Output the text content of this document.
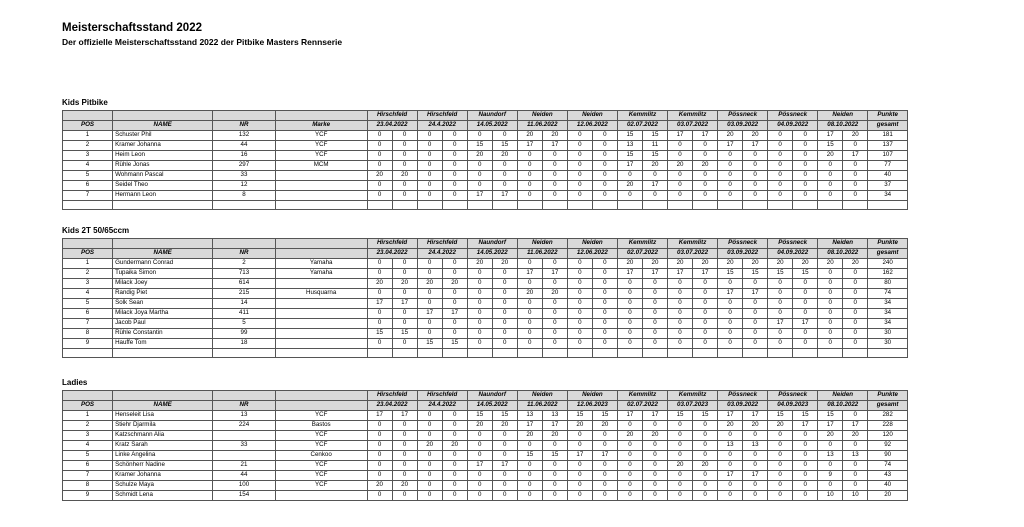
Meisterschaftsstand 2022
Der offizielle Meisterschaftsstand 2022 der Pitbike Masters Rennserie
Kids Pitbike
				Hirschfeld		Hirschfeld		Naundorf		Neiden		Neiden		Kemmlitz		Kemmlitz		Pössneck		Pössneck		Neiden		Punkte
POS	NAME	NR	Marke	23.04.2022		24.4.2022		14.05.2022		11.06.2022		12.06.2022		02.07.2022		03.07.2022		03.09.2022		04.09.2022		08.10.2022		gesamt
1	Schuster Phil	132	YCF	0	0	0	0	0	0	20	20	0	0	15	15	17	17	20	20	0	0	17	20	181
2	Kramer Johanna	44	YCF	0	0	0	0	15	15	17	17	0	0	13	11	0	0	17	17	0	0	15	0	137
3	Heim Leon	16	YCF	0	0	0	0	20	20	0	0	0	0	15	15	0	0	0	0	0	0	20	17	107
4	Rühle Jonas	297	MCM	0	0	0	0	0	0	0	0	0	0	17	20	20	20	0	0	0	0	0	0	77
5	Wohmann Pascal	33		20	20	0	0	0	0	0	0	0	0	0	0	0	0	0	0	0	0	0	0	40
6	Seidel Theo	12		0	0	0	0	0	0	0	0	0	0	20	17	0	0	0	0	0	0	0	0	37
7	Hermann Leon	8		0	0	0	0	17	17	0	0	0	0	0	0	0	0	0	0	0	0	0	0	34

Kids 2T 50/65ccm
				Hirschfeld		Hirschfeld		Naundorf		Neiden		Neiden		Kemmlitz		Kemmlitz		Pössneck		Pössneck		Neiden		Punkte
POS	NAME	NR		23.04.2022		24.4.2022		14.05.2022		11.06.2022		12.06.2022		02.07.2022		03.07.2022		03.09.2022		04.09.2022		08.10.2022		gesamt
1	Gundermann Conrad	2	Yamaha	0	0	0	0	20	20	0	0	0	0	20	20	20	20	20	20	20	20	20	20	240
2	Tupaika Simon	713	Yamaha	0	0	0	0	0	0	17	17	0	0	17	17	17	17	15	15	15	15	0	0	162
3	Milack Joey	614		20	20	20	20	0	0	0	0	0	0	0	0	0	0	0	0	0	0	0	0	80
4	Randig Piet	215	Husquarna	0	0	0	0	0	0	20	20	0	0	0	0	0	0	17	17	0	0	0	0	74
5	Solk Sean	14		17	17	0	0	0	0	0	0	0	0	0	0	0	0	0	0	0	0	0	0	34
6	Milack Joya Martha	411		0	0	17	17	0	0	0	0	0	0	0	0	0	0	0	0	0	0	0	0	34
7	Jacob Paul	5		0	0	0	0	0	0	0	0	0	0	0	0	0	0	0	0	17	17	0	0	34
8	Rühle Constantin	99		15	15	0	0	0	0	0	0	0	0	0	0	0	0	0	0	0	0	0	0	30
9	Hauffe Tom	18		0	0	15	15	0	0	0	0	0	0	0	0	0	0	0	0	0	0	0	0	30

Ladies
				Hirschfeld		Hirschfeld		Naundorf		Neiden		Neiden		Kemmlitz		Kemmlitz		Pössneck		Pössneck		Neiden		Punkte
POS	NAME	NR		23.04.2022		24.4.2022		14.05.2022		11.06.2022		12.06.2023		02.07.2022		03.07.2023		03.09.2022		04.09.2023		08.10.2022		gesamt
1	Henseleit Lisa	13	YCF	17	17	0	0	15	15	13	13	15	15	17	17	15	15	17	17	15	15	15	0	282
2	Stiehr Djarmila	224	Bastos	0	0	0	0	20	20	17	17	20	20	0	0	0	0	20	20	20	17	17	17	228
3	Katzschmann Alia		YCF	0	0	0	0	0	0	20	20	0	0	20	20	0	0	0	0	0	0	20	20	120
4	Kratz Sarah	33	YCF	0	0	20	20	0	0	0	0	0	0	0	0	0	0	13	13	0	0	0	0	92
5	Linke Angelina		Cenkoo	0	0	0	0	0	0	15	15	17	17	0	0	0	0	0	0	0	0	13	13	90
6	Schönherr Nadine	21	YCF	0	0	0	0	17	17	0	0	0	0	0	0	20	20	0	0	0	0	0	0	74
7	Kramer Johanna	44	YCF	0	0	0	0	0	0	0	0	0	0	0	0	0	0	17	17	0	0	9	0	43
8	Schulze Maya	100	YCF	20	20	0	0	0	0	0	0	0	0	0	0	0	0	0	0	0	0	0	0	40
9	Schmidt Lena	154		0	0	0	0	0	0	0	0	0	0	0	0	0	0	0	0	0	0	10	10	20
